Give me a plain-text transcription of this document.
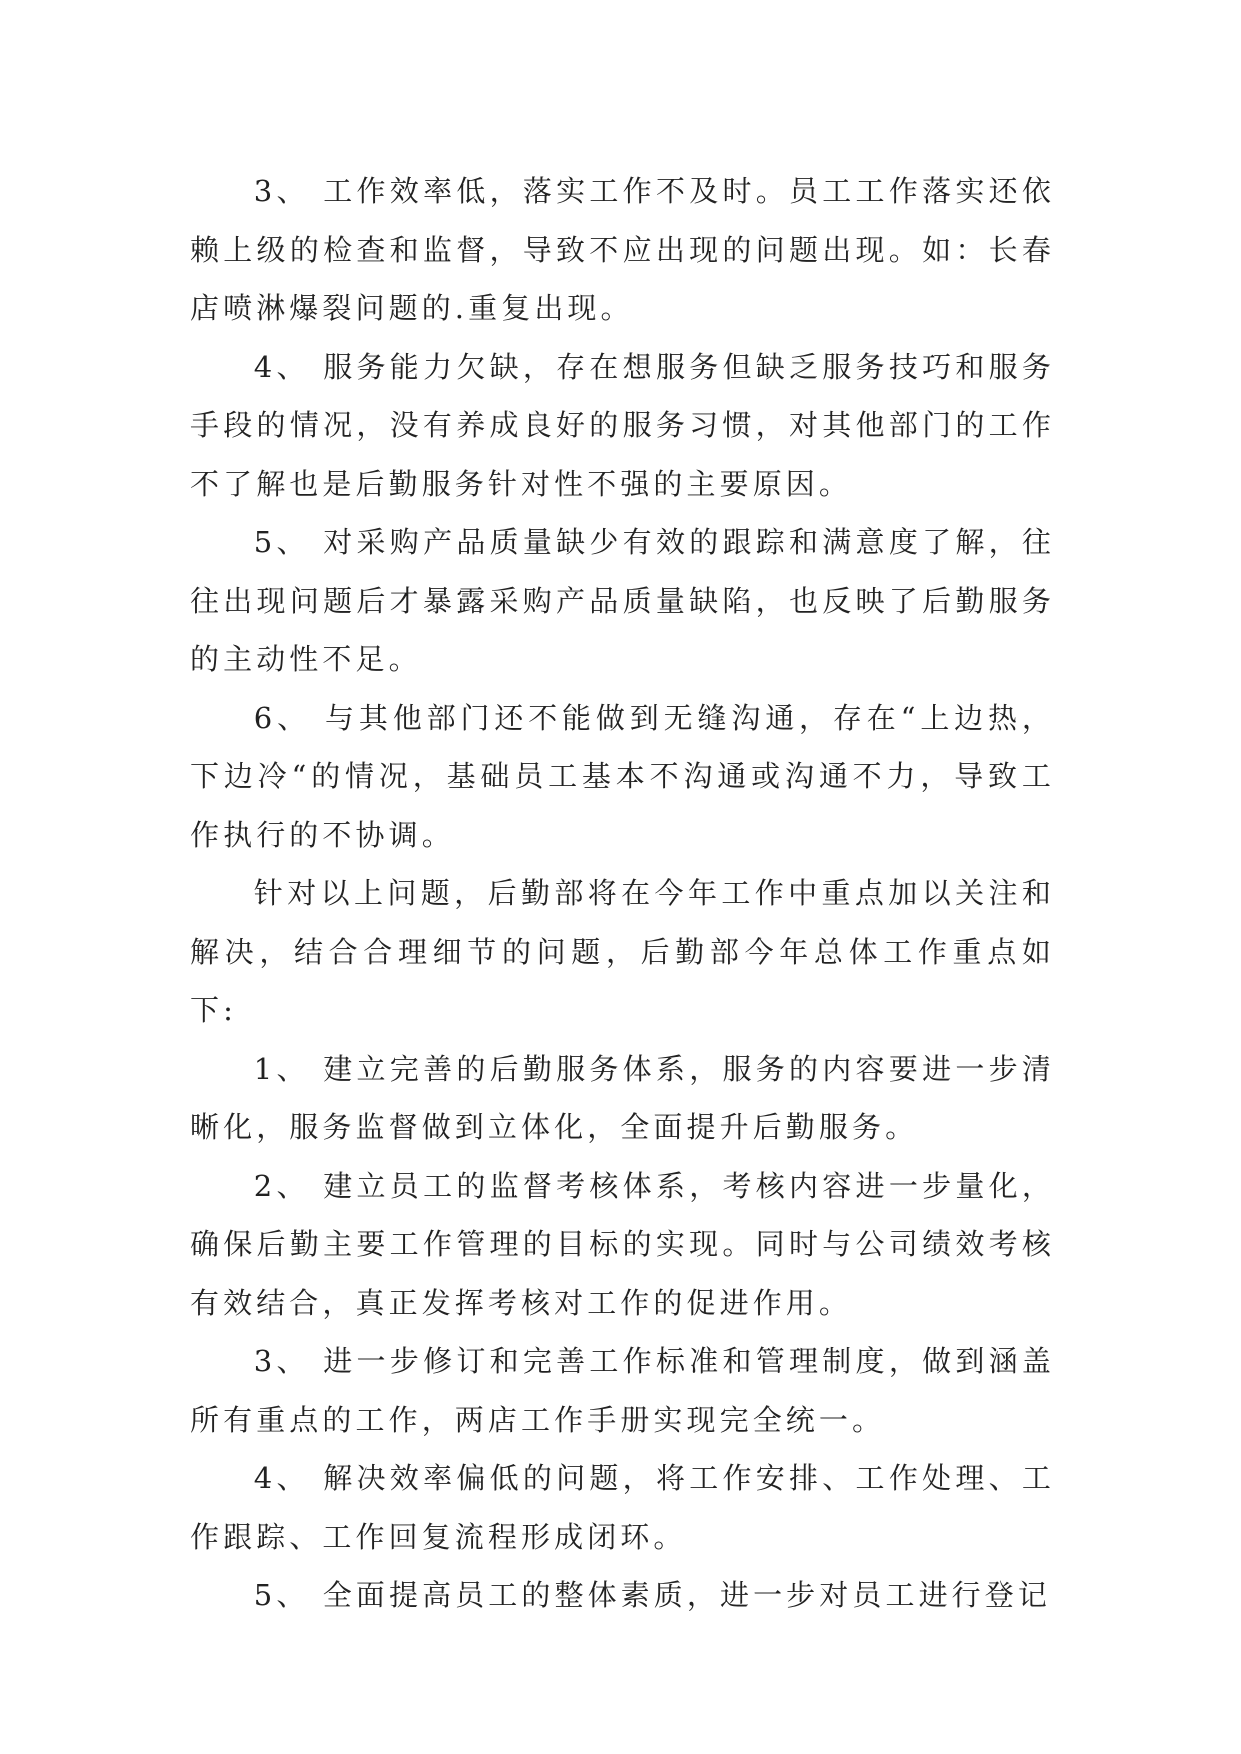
3、 工作效率低，落实工作不及时。员工工作落实还依赖上级的检查和监督，导致不应出现的问题出现。如：长春店喷淋爆裂问题的.重复出现。

4、 服务能力欠缺，存在想服务但缺乏服务技巧和服务手段的情况，没有养成良好的服务习惯，对其他部门的工作不了解也是后勤服务针对性不强的主要原因。

5、 对采购产品质量缺少有效的跟踪和满意度了解，往往出现问题后才暴露采购产品质量缺陷，也反映了后勤服务的主动性不足。

6、 与其他部门还不能做到无缝沟通，存在“上边热，下边冷“的情况，基础员工基本不沟通或沟通不力，导致工作执行的不协调。

针对以上问题，后勤部将在今年工作中重点加以关注和解决，结合合理细节的问题，后勤部今年总体工作重点如下:

1、 建立完善的后勤服务体系，服务的内容要进一步清晰化，服务监督做到立体化，全面提升后勤服务。

2、 建立员工的监督考核体系，考核内容进一步量化，确保后勤主要工作管理的目标的实现。同时与公司绩效考核有效结合，真正发挥考核对工作的促进作用。

3、 进一步修订和完善工作标准和管理制度，做到涵盖所有重点的工作，两店工作手册实现完全统一。

4、 解决效率偏低的问题，将工作安排、工作处理、工作跟踪、工作回复流程形成闭环。

5、 全面提高员工的整体素质，进一步对员工进行登记
